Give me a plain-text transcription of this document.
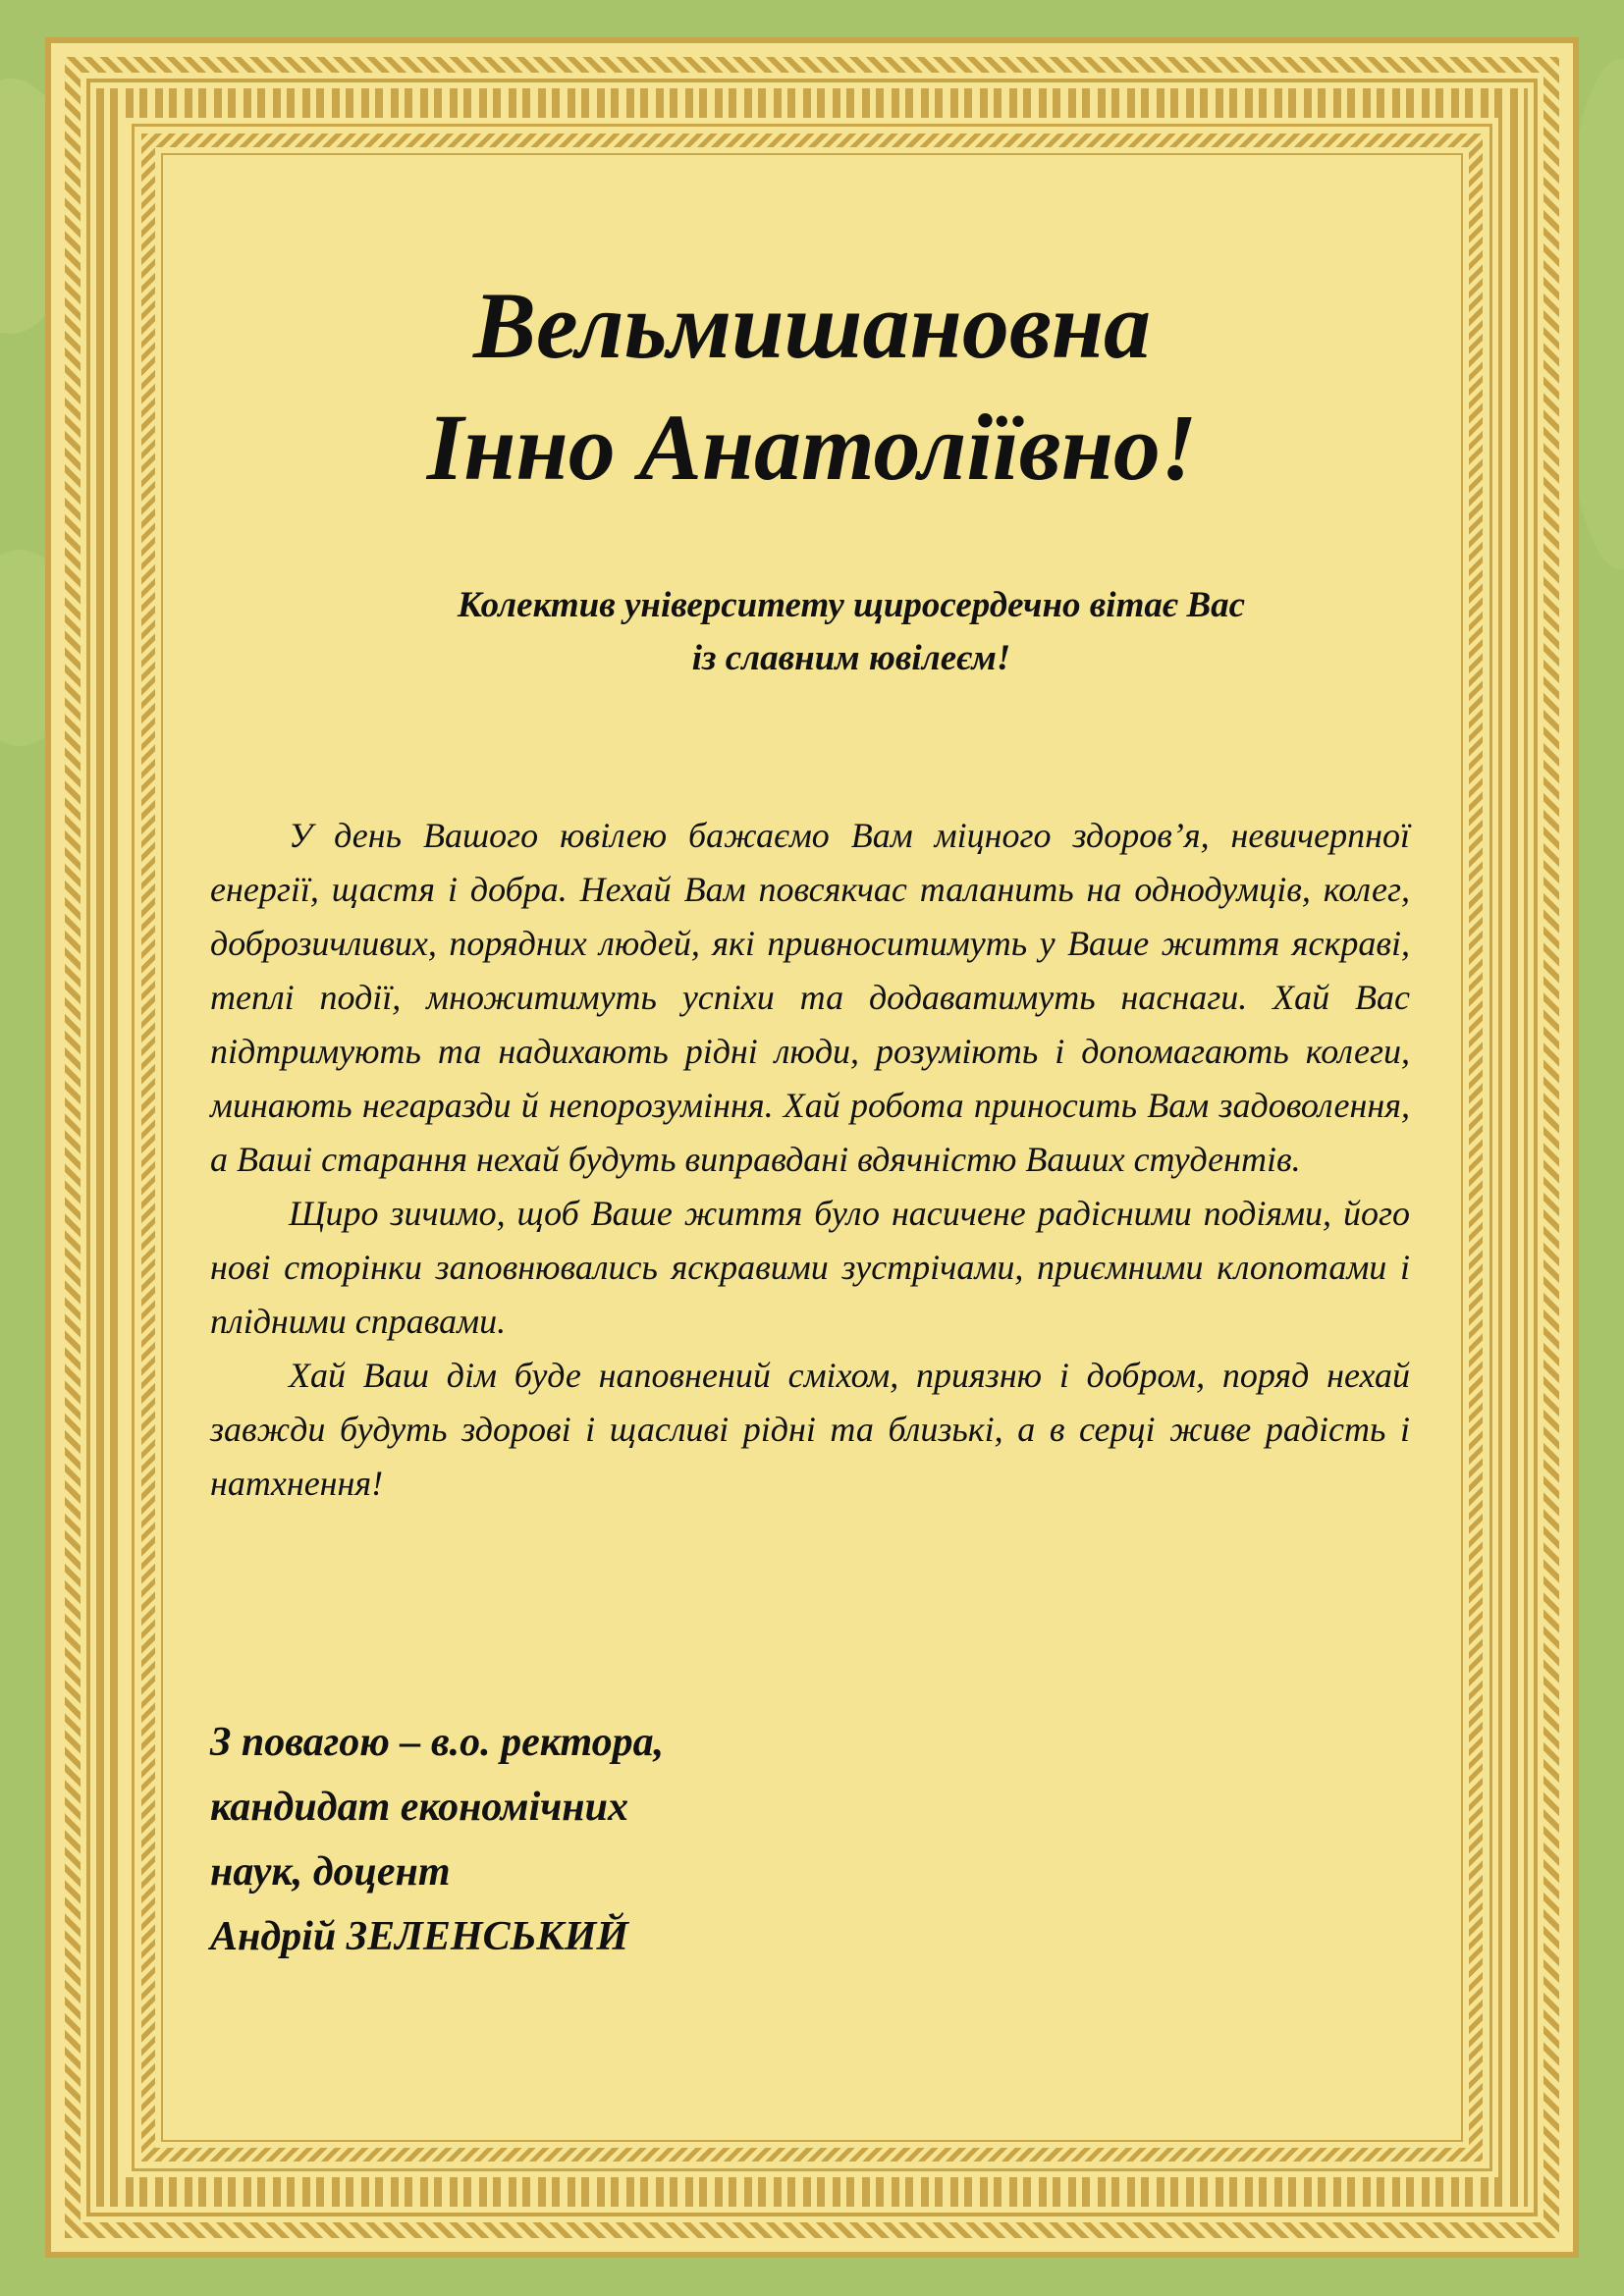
Вельмишановна
Інно Анатоліївно!
Колектив університету щиросердечно вітає Вас
із славним ювілеєм!

У день Вашого ювілею бажаємо Вам міцного здоров’я, невичерпної енергії, щастя і добра. Нехай Вам повсякчас таланить на однодумців, колег, доброзичливих, порядних людей, які привноситимуть у Ваше життя яскраві, теплі події, множитимуть успіхи та додаватимуть наснаги. Хай Вас підтримують та надихають рідні люди, розуміють і допомагають колеги, минають негаразди й непорозуміння. Хай робота приносить Вам задоволення, а Ваші старання нехай будуть виправдані вдячністю Ваших студентів.

Щиро зичимо, щоб Ваше життя було насичене радісними подіями, його нові сторінки заповнювались яскравими зустрічами, приємними клопотами і плідними справами.

Хай Ваш дім буде наповнений сміхом, приязню і добром, поряд нехай завжди будуть здорові і щасливі рідні та близькі, а в серці живе радість і натхнення!

З повагою – в.о. ректора,
кандидат економічних
наук, доцент
Андрій ЗЕЛЕНСЬКИЙ
